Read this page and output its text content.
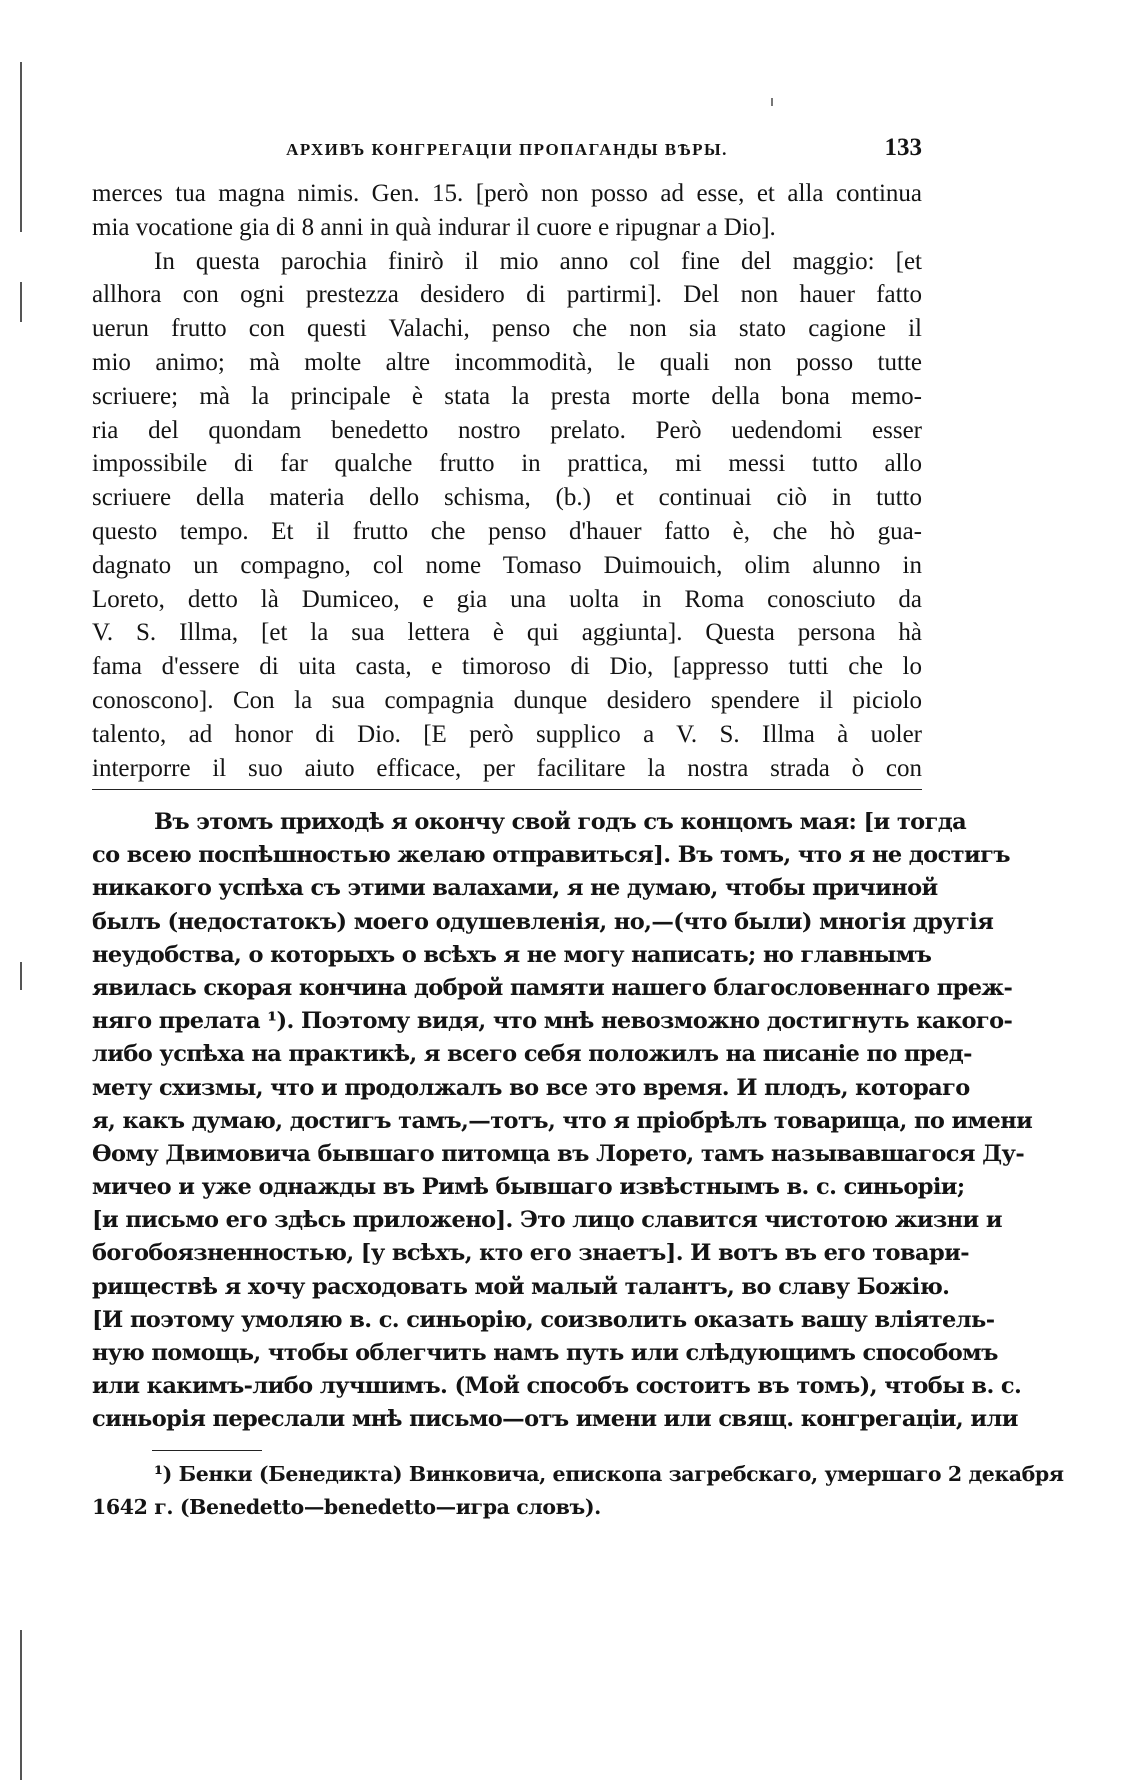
АРХИВЪ КОНГРЕГАЦІИ ПРОПАГАНДЫ ВѢРЫ.	133
merces tua magna nimis. Gen. 15. [però non posso ad esse, et alla continua
mia vocatione gia di 8 anni in quà indurar il cuore e ripugnar a Dio].
In questa parochia finirò il mio anno col fine del maggio: [et
allhora con ogni prestezza desidero di partirmi]. Del non hauer fatto
uerun frutto con questi Valachi, penso che non sia stato cagione il
mio animo; mà molte altre incommodità, le quali non posso tutte
scriuere; mà la principale è stata la presta morte della bona memo-
ria del quondam benedetto nostro prelato. Però uedendomi esser
impossibile di far qualche frutto in prattica, mi messi tutto allo
scriuere della materia dello schisma, (b.) et continuai ciò in tutto
questo tempo. Et il frutto che penso d'hauer fatto è, che hò gua-
dagnato un compagno, col nome Tomaso Duimouich, olim alunno in
Loreto, detto là Dumiceo, e gia una uolta in Roma conosciuto da
V. S. Illma, [et la sua lettera è qui aggiunta]. Questa persona hà
fama d'essere di uita casta, e timoroso di Dio, [appresso tutti che lo
conoscono]. Con la sua compagnia dunque desidero spendere il piciolo
talento, ad honor di Dio. [E però supplico a V. S. Illma à uoler
interporre il suo aiuto efficace, per facilitare la nostra strada ò con
Въ этомъ приходѣ я окончу свой годъ съ концомъ мая: [и тогда
со всею поспѣшностью желаю отправиться]. Въ томъ, что я не достигъ
никакого успѣха съ этими валахами, я не думаю, чтобы причиной
былъ (недостатокъ) моего одушевленія, но,—(что были) многія другія
неудобства, о которыхъ о всѣхъ я не могу написать; но главнымъ
явилась скорая кончина доброй памяти нашего благословеннаго преж-
няго прелата ¹). Поэтому видя, что мнѣ невозможно достигнуть какого-
либо успѣха на практикѣ, я всего себя положилъ на писаніе по пред-
мету схизмы, что и продолжалъ во все это время. И плодъ, котораго
я, какъ думаю, достигъ тамъ,—тотъ, что я пріобрѣлъ товарища, по имени
Ѳому Двимовича бывшаго питомца въ Лорето, тамъ называвшагося Ду-
мичео и уже однажды въ Римѣ бывшаго извѣстнымъ в. с. синьоріи;
[и письмо его здѣсь приложено]. Это лицо славится чистотою жизни и
богобоязненностью, [у всѣхъ, кто его знаетъ]. И вотъ въ его товари-
риществѣ я хочу расходовать мой малый талантъ, во славу Божію.
[И поэтому умоляю в. с. синьорію, соизволить оказать вашу вліятель-
ную помощь, чтобы облегчить намъ путь или слѣдующимъ способомъ
или какимъ-либо лучшимъ. (Мой способъ состоитъ въ томъ), чтобы в. с.
синьорія переслали мнѣ письмо—отъ имени или свящ. конгрегаціи, или
¹) Бенки (Бенедикта) Винковича, епископа загребскаго, умершаго 2 декабря
1642 г. (Benedetto—benedetto—игра словъ).
